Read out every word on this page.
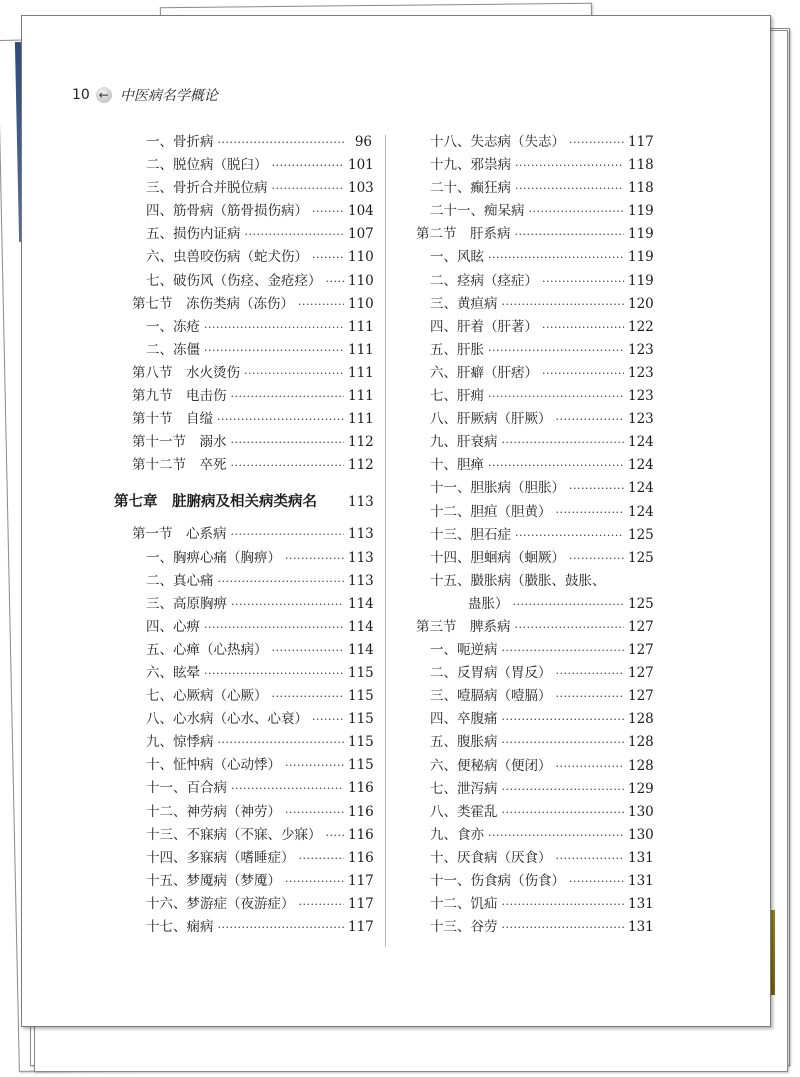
10 ← 中医病名学概论
一、骨折病 ·····	96
二、脱位病（脱臼） ·····	101
三、骨折合并脱位病 ·····	103
四、筋骨病（筋骨损伤病） ·····	104
五、损伤内证病 ·····	107
六、虫兽咬伤病（蛇犬伤） ·····	110
七、破伤风（伤痉、金疮痉） ····· 110
第七节　冻伤类病（冻伤） ·····	110
一、冻疮 ·····	111
二、冻僵 ·····	111
第八节　水火烫伤 ·····	111
第九节　电击伤 ·····	111
第十节　自缢 ·····	111
第十一节　溺水 ·····	112
第十二节　卒死 ·····	112
第七章　脏腑病及相关病类病名 113
第一节　心系病 ·····	113
一、胸痹心痛（胸痹） ·····	113
二、真心痛 ·····	113
三、高原胸痹 ·····	114
四、心痹 ·····	114
五、心瘅（心热病） ·····	114
六、眩晕 ·····	115
七、心厥病（心厥） ·····	115
八、心水病（心水、心衰） ·····	115
九、惊悸病 ·····	115
十、怔忡病（心动悸） ·····	115
十一、百合病 ·····	116
十二、神劳病（神劳） ·····	116
十三、不寐病（不寐、少寐） ····· 116
十四、多寐病（嗜睡症） ·····	116
十五、梦魇病（梦魇） ·····	117
十六、梦游症（夜游症） ·····	117
十七、痫病 ·····	117
十八、失志病（失志） ·····	117
十九、邪祟病 ·····	118
二十、癫狂病 ·····	118
二十一、痴呆病 ·····	119
第二节　肝系病 ·····	119
一、风眩 ·····	119
二、痉病（痉症） ·····	119
三、黄疸病 ·····	120
四、肝着（肝著） ·····	122
五、肝胀 ·····	123
六、肝癖（肝痞） ·····	123
七、肝痈 ·····	123
八、肝厥病（肝厥） ·····	123
九、肝衰病 ·····	124
十、胆瘅 ·····	124
十一、胆胀病（胆胀） ·····	124
十二、胆疸（胆黄） ·····	124
十三、胆石症 ·····	125
十四、胆蛔病（蛔厥） ·····	125
十五、臌胀病（臌胀、鼓胀、
蛊胀） ·····	125
第三节　脾系病 ·····	127
一、呃逆病 ·····	127
二、反胃病（胃反） ·····	127
三、噎膈病（噎膈） ·····	127
四、卒腹痛 ·····	128
五、腹胀病 ·····	128
六、便秘病（便闭） ·····	128
七、泄泻病 ·····	129
八、类霍乱 ·····	130
九、食亦 ·····	130
十、厌食病（厌食） ·····	131
十一、伤食病（伤食） ·····	131
十二、饥疝 ·····	131
十三、谷劳 ·····	131
